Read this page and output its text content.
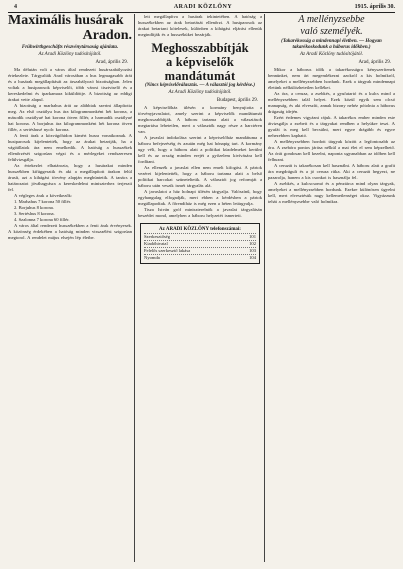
4	ARADI KÖZLÖNY	1915. április 30.
Maximális husárak
Aradon.
Frühwirthgeschäfts részvénytársaság ajánlata.
Az Aradi Közlöny tudósítójától.
Arad, április 29.

Ma délután volt a város által rendezett husárszabályozási értekezlete. Tárgyalták Arad városában a hus legmagasabb árát és a husárak megállapítását az árszabályozó bizottságban. Jelen voltak a husiparosok képviselői, több városi tisztviselő és a kereskedelmi és iparkamara kiküldöttje. A bizottság az eddigi árakat vette alapul.

A bizottság a marhahus árát az alábbiak szerint állapította meg. Az első osztályu hus ára kilogrammonként hét korona, a második osztályué hat korona ötven fillér, a harmadik osztályué hat korona. A borjuhus ára kilogrammonként hét korona ötven fillér, a sertéshusé nyolc korona.

A fenti árak a közvágóhidon kimért husra vonatkoznak. A husiparosok kijelentették, hogy az árakat betartják, ha a vágóállatok ára nem emelkedik. A hatóság a husszékek ellenőrzését szigorúan végzi és a mérlegeket rendszeresen felülvizsgálja.

Az értekezlet elhatározta, hogy a husárakat minden husszékben kifüggesztik és aki a megállapított árakon felül árusít, azt a kihágási törvény alapján megbüntetik. A tanács a határozatot jóváhagyásra a kereskedelmi miniszterhez terjeszti fel.

A végleges árak a következők:

1. Marhahus 7 korona 50 fillér.
2. Borjuhus 8 korona.
3. Sertéshus 8 korona.
4. Szalonna 7 korona 60 fillér.

A város által rendezett husszékekben a fenti árak érvényesek. A közönség érdekében a hatóság minden visszaélést szigorúan megtorol. A rendelet május elsején lép életbe.

lett megállapítva a husárak tekintetében. A hatóság a husszékekben az árak betartását ellenőrzi. A husiparosok az árakat betartani kötelesek, különben a kihágási eljárást ellenük megindítják és a husszéküket bezárják.

Meghosszabbítják
a képviselők mandátumát
(Nincs képviselőválasztás. — A választói jog kérdése.)
Az Aradi Közlöny tudósítójától.
Budapest, április 29.

A képviselőház ülésén a kormány benyujtotta a törvényjavaslatot, amely szerint a képviselők mandátumát meghosszabbítják. A háboru tartama alatt a választások megtartása lehetetlen, mert a választók nagy része a harctéren van.

A javaslat indokolása szerint a képviselőház mandátuma a háboru befejezéséig és azután még hat hónapig tart. A kormány ugy véli, hogy a háboru alatt a politikai küzdelmeket kerülni kell és az ország minden erejét a győzelem kivívására kell fordítani.

Az ellenzék a javaslat ellen nem emelt kifogást. A pártok vezérei kijelentették, hogy a háboru tartama alatt a belső politikai harcokat szüneteltetik. A választói jog reformját a háboru után veszik ismét tárgyalás alá.

A javaslatot a ház holnapi ülésén tárgyalja. Valószínű, hogy egyhangulag elfogadják, mert ebben a kérdésben a pártok megállapodtak. A főrendiház is még ezen a héten letárgyalja.

Tisza István gróf miniszterelnök a javaslat tárgyalásán beszédet mond, amelyben a háboru helyzetét ismerteti.

Az ARADI KÖZLÖNY telefonszámai:
Szerkesztőség	101
Kiadóhivatal	102
Felelős szerkesztő lakása	103
Nyomda	104
A mellényzsebbe
való személyék.
(Takarékosság a mindennapi életben. — Hogyan takarékoskodunk a háborus időkben.)
Az Aradi Közlöny tudósítójától.
Arad, április 29.

Mikor a háborus idők a takarékosságra kényszerítenek bennünket, nem árt megemlékezni azokról a kis holmikról, amelyeket a mellényzsebben hordunk. Ezek a tárgyak mindennapi életünk nélkülözhetetlen kellékei.

Az óra, a ceruza, a zsebkés, a gyufatartó és a kulcs mind a mellényzsebben talál helyet. Ezek közül egyik sem olcsó manapság, és aki elveszíti, annak bizony nehéz pótolnia a háborus drágaság idején.

Ezért érdemes vigyázni rájuk. A takarékos ember minden este átvizsgálja a zsebeit és a tárgyakat rendben a helyükre teszi. A gyufát is meg kell becsülni, mert egyre drágább és egyre nehezebben kapható.

A mellényzsebben hordott tárgyak között a legfontosabb az óra. A zsebóra pontos járása nélkül a mai élet el sem képzelhető. Az órát gondosan kell kezelni, naponta ugyanabban az időben kell felhuzni.

A ceruzát is takarékosan kell használni. A háboru alatt a grafit ára megdrágult és a jó ceruza ritka. Aki a ceruzát hegyezi, ne pazarolja, hanem a kis csonkot is használja fel.

A zsebkés, a kulcscsomó és a pénztárca mind olyan tárgyak, amelyeket a mellényzsebben hordunk. Ezekre különösen ügyelni kell, mert elvesztésük nagy kellemetlenséget okoz. Vigyázzunk tehát a mellényzsebbe való holmikra.
